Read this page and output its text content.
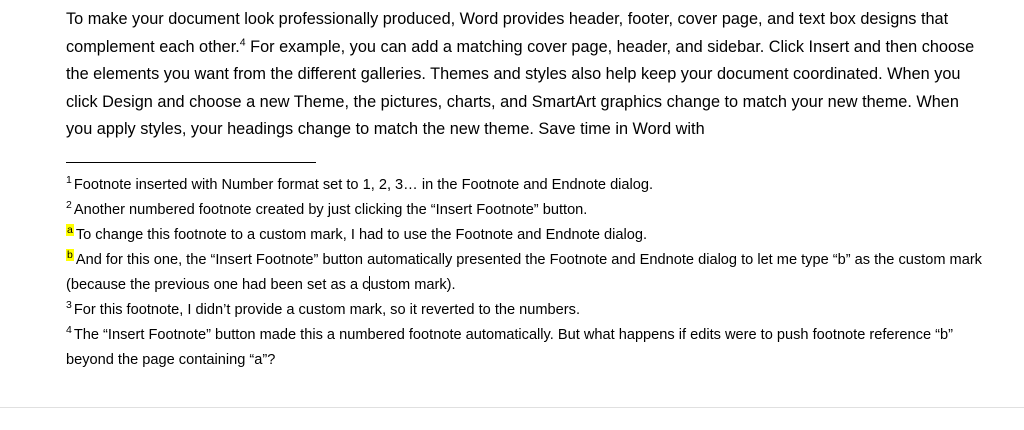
To make your document look professionally produced, Word provides header, footer, cover page, and text box designs that complement each other.$^4$ For example, you can add a matching cover page, header, and sidebar. Click Insert and then choose the elements you want from the different galleries. Themes and styles also help keep your document coordinated. When you click Design and choose a new Theme, the pictures, charts, and SmartArt graphics change to match your new theme. When you apply styles, your headings change to match the new theme. Save time in Word with

$^1$ Footnote inserted with Number format set to 1, 2, 3… in the Footnote and Endnote dialog.

$^2$ Another numbered footnote created by just clicking the “Insert Footnote” button.

$^a$ To change this footnote to a custom mark, I had to use the Footnote and Endnote dialog.

$^b$ And for this one, the “Insert Footnote” button automatically presented the Footnote and Endnote dialog to let me type “b” as the custom mark (because the previous one had been set as a custom mark).

$^3$ For this footnote, I didn’t provide a custom mark, so it reverted to the numbers.

$^4$ The “Insert Footnote” button made this a numbered footnote automatically. But what happens if edits were to push footnote reference “b” beyond the page containing “a”?
